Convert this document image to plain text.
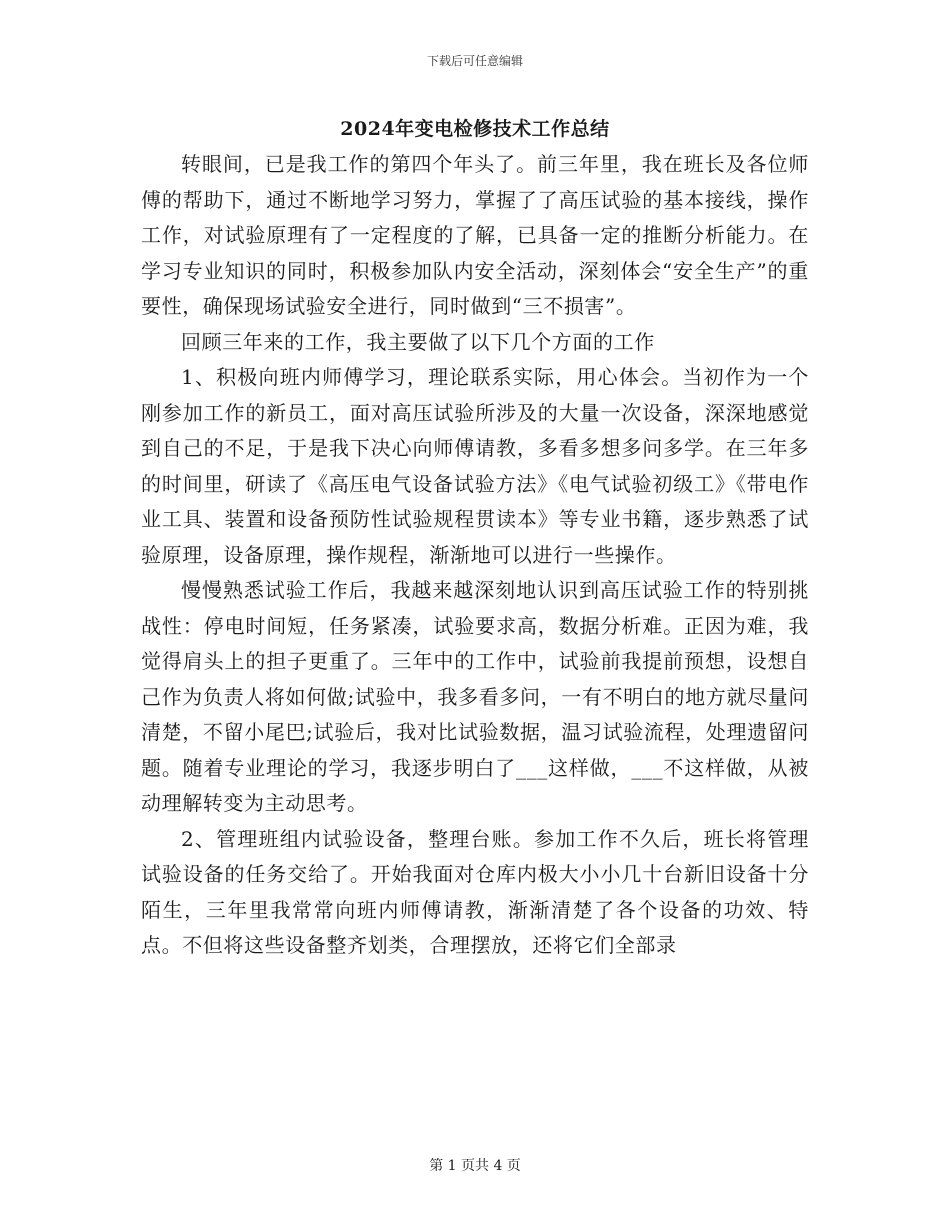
下载后可任意编辑
2024年变电检修技术工作总结

转眼间，已是我工作的第四个年头了。前三年里，我在班长及各位师傅的帮助下，通过不断地学习努力，掌握了了高压试验的基本接线，操作工作，对试验原理有了一定程度的了解，已具备一定的推断分析能力。在学习专业知识的同时，积极参加队内安全活动，深刻体会“安全生产”的重要性，确保现场试验安全进行，同时做到“三不损害”。

回顾三年来的工作，我主要做了以下几个方面的工作

1、积极向班内师傅学习，理论联系实际，用心体会。当初作为一个刚参加工作的新员工，面对高压试验所涉及的大量一次设备，深深地感觉到自己的不足，于是我下决心向师傅请教，多看多想多问多学。在三年多的时间里，研读了《高压电气设备试验方法》《电气试验初级工》《带电作业工具、装置和设备预防性试验规程贯读本》等专业书籍，逐步熟悉了试验原理，设备原理，操作规程，渐渐地可以进行一些操作。

慢慢熟悉试验工作后，我越来越深刻地认识到高压试验工作的特别挑战性：停电时间短，任务紧凑，试验要求高，数据分析难。正因为难，我觉得肩头上的担子更重了。三年中的工作中，试验前我提前预想，设想自己作为负责人将如何做;试验中，我多看多问，一有不明白的地方就尽量问清楚，不留小尾巴;试验后，我对比试验数据，温习试验流程，处理遗留问题。随着专业理论的学习，我逐步明白了___这样做，___不这样做，从被动理解转变为主动思考。

2、管理班组内试验设备，整理台账。参加工作不久后，班长将管理试验设备的任务交给了。开始我面对仓库内极大小小几十台新旧设备十分陌生，三年里我常常向班内师傅请教，渐渐清楚了各个设备的功效、特点。不但将这些设备整齐划类，合理摆放，还将它们全部录

第 1 页共 4 页
